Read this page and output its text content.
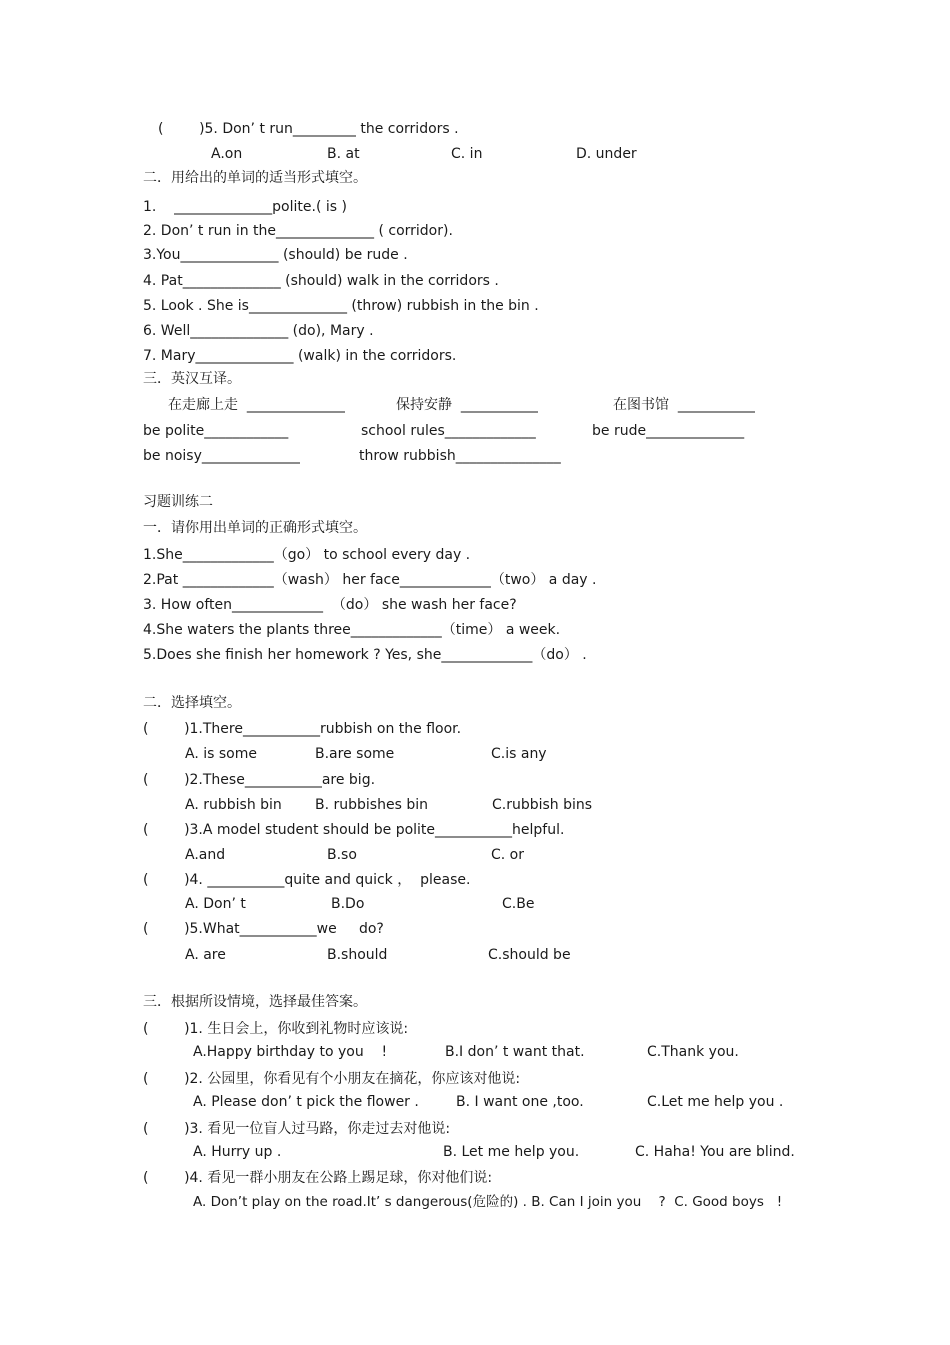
(        )5. Don’ t run_________ the corridors .
A.on	B. at	C. in	D. under
二．用给出的单词的适当形式填空。
1.    ______________polite.( is )
2. Don’ t run in the______________ ( corridor).
3.You______________ (should) be rude .
4. Pat______________ (should) walk in the corridors .
5. Look . She is______________ (throw) rubbish in the bin .
6. Well______________ (do), Mary .
7. Mary______________ (walk) in the corridors.
三．英汉互译。
在走廊上走  ______________	保持安静  ___________	在图书馆  ___________
be polite____________	school rules_____________	be rude______________
be noisy______________	throw rubbish_______________
习题训练二
一．请你用出单词的正确形式填空。
1.She_____________（go） to school every day .
2.Pat _____________（wash） her face_____________（two） a day .
3. How often_____________  （do） she wash her face?
4.She waters the plants three_____________（time） a week.
5.Does she finish her homework ? Yes, she_____________（do） .
二．选择填空。
(        )1.There___________rubbish on the floor.
A. is some	B.are some	C.is any
(        )2.These___________are big.
A. rubbish bin B. rubbishes bin	C.rubbish bins
(        )3.A model student should be polite___________helpful.
A.and	B.so	C. or
(        )4. ___________quite and quick ，  please.
A. Don’ t	B.Do	C.Be
(        )5.What___________we     do?
A. are	B.should	C.should be
三．根据所设情境，选择最佳答案。
(        )1. 生日会上，你收到礼物时应该说:
A.Happy birthday to you    !	B.I don’ t want that.	C.Thank you.
(        )2. 公园里，你看见有个小朋友在摘花，你应该对他说:
A. Please don’ t pick the flower .	B. I want one ,too.	C.Let me help you .
(        )3. 看见一位盲人过马路，你走过去对他说:
A. Hurry up .	B. Let me help you.	C. Haha! You are blind.
(        )4. 看见一群小朋友在公路上踢足球，你对他们说:
A. Don’t play on the road.It’ s dangerous(危险的) . B. Can I join you    ?  C. Good boys   !
